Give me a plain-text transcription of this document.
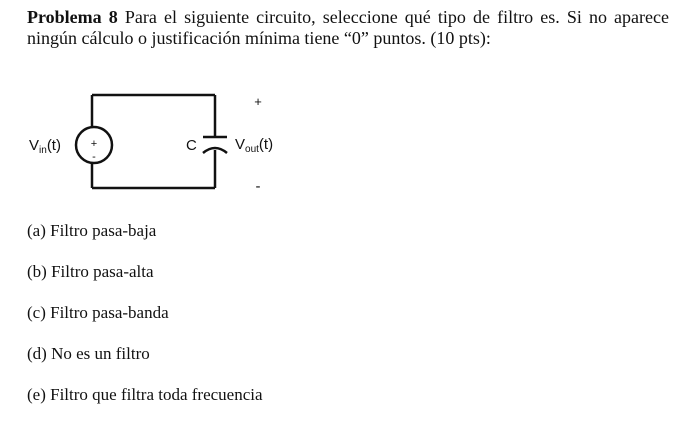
Problema 8 Para el siguiente circuito, seleccione qué tipo de filtro es. Si no aparece ningún cálculo o justificación mínima tiene “0” puntos. (10 pts):
+
-
$V_{in}(t)$	C	$V_{out}(t)$
+
-
(a) Filtro pasa-baja
(b) Filtro pasa-alta
(c) Filtro pasa-banda
(d) No es un filtro
(e) Filtro que filtra toda frecuencia
